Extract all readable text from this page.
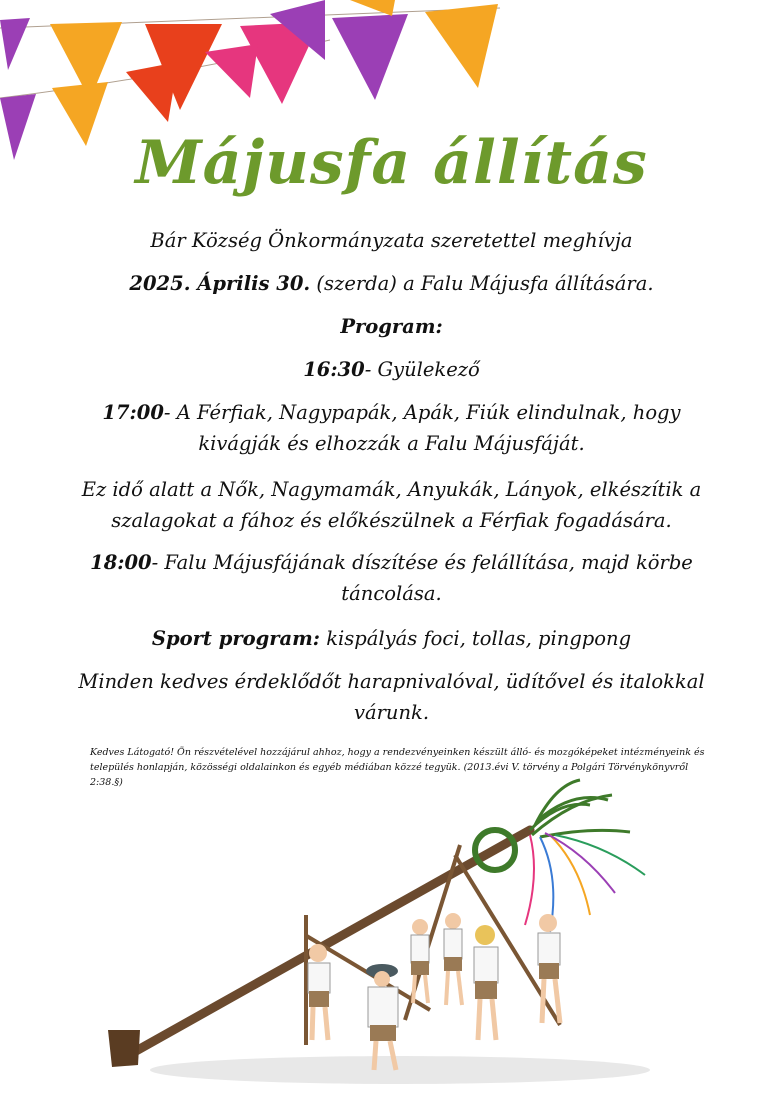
Májusfa állítás
Bár Község Önkormányzata szeretettel meghívja
2025. Április 30. (szerda) a Falu Májusfa állítására.
Program:
16:30- Gyülekező
17:00- A Férfiak, Nagypapák, Apák, Fiúk elindulnak, hogy
kivágják és elhozzák a Falu Májusfáját.
Ez idő alatt a Nők, Nagymamák, Anyukák, Lányok, elkészítik a
szalagokat a fához és előkészülnek a Férfiak fogadására.
18:00- Falu Májusfájának díszítése és felállítása, majd körbe
táncolása.
Sport program: kispályás foci, tollas, pingpong
Minden kedves érdeklődőt harapnivalóval, üdítővel és italokkal
várunk.
Kedves Látogató! Ön részvételével hozzájárul ahhoz, hogy a rendezvényeinken készült álló- és mozgóképeket intézményeink és
település honlapján, közösségi oldalainkon és egyéb médiában közzé tegyük. (2013.évi V. törvény a Polgári Törvénykönyvről 2:38.§)
